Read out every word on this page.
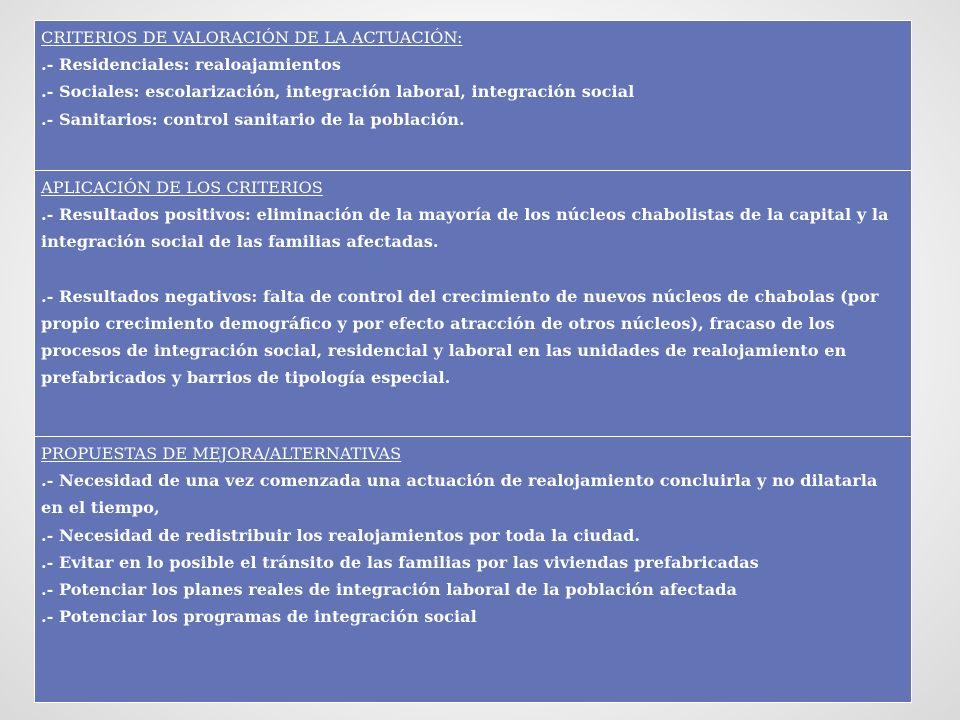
CRITERIOS DE VALORACIÓN DE LA ACTUACIÓN:
.- Residenciales: realoajamientos
.- Sociales: escolarización, integración laboral, integración social
.- Sanitarios: control sanitario de la población.

APLICACIÓN DE LOS CRITERIOS
.- Resultados positivos: eliminación de la mayoría de los núcleos chabolistas de la capital y la integración social de las familias afectadas.
.- Resultados negativos: falta de control del crecimiento de nuevos núcleos de chabolas (por propio crecimiento demográfico y por efecto atracción de otros núcleos), fracaso de los procesos de integración social, residencial y laboral en las unidades de realojamiento en prefabricados y barrios de tipología especial.

PROPUESTAS DE MEJORA/ALTERNATIVAS
.- Necesidad de una vez comenzada una actuación de realojamiento concluirla y no dilatarla en el tiempo,
.- Necesidad de redistribuir los realojamientos por toda la ciudad.
.- Evitar en lo posible el tránsito de las familias por las viviendas prefabricadas
.- Potenciar los planes reales de integración laboral de la población afectada
.- Potenciar los programas de integración social
